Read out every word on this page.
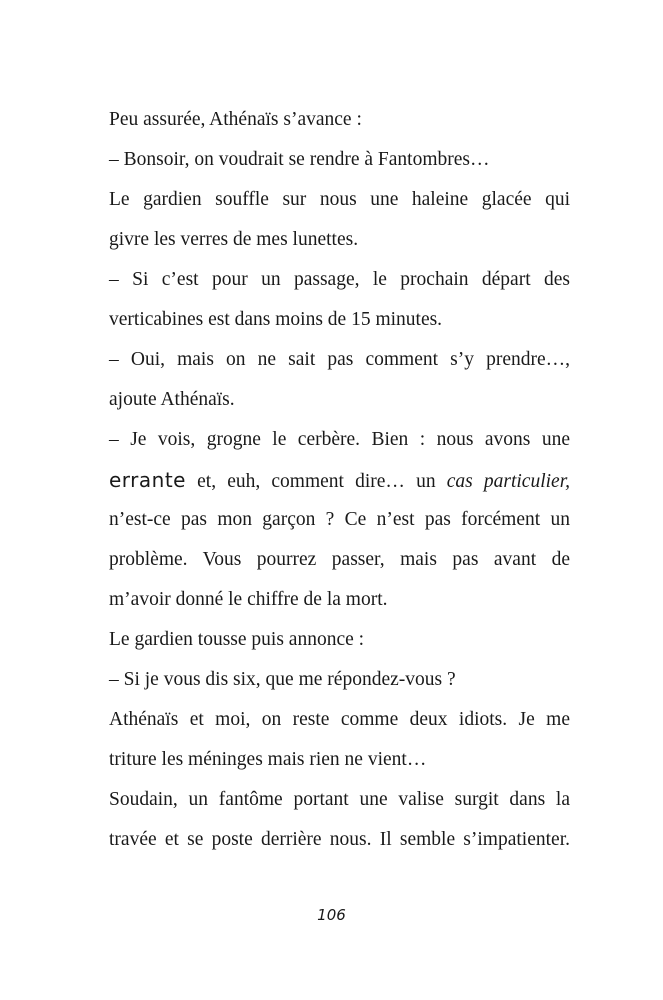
Peu assurée, Athénaïs s’avance :
– Bonsoir, on voudrait se rendre à Fantombres…
Le gardien souffle sur nous une haleine glacée qui
givre les verres de mes lunettes.
– Si c’est pour un passage, le prochain départ des
verticabines est dans moins de 15 minutes.
– Oui, mais on ne sait pas comment s’y prendre…,
ajoute Athénaïs.
– Je vois, grogne le cerbère. Bien : nous avons une
errante et, euh, comment dire… un cas particulier,
n’est-ce pas mon garçon ? Ce n’est pas forcément un
problème. Vous pourrez passer, mais pas avant de
m’avoir donné le chiffre de la mort.
Le gardien tousse puis annonce :
– Si je vous dis six, que me répondez-vous ?
Athénaïs et moi, on reste comme deux idiots. Je me
triture les méninges mais rien ne vient…
Soudain, un fantôme portant une valise surgit dans la
travée et se poste derrière nous. Il semble s’impatienter.
106
